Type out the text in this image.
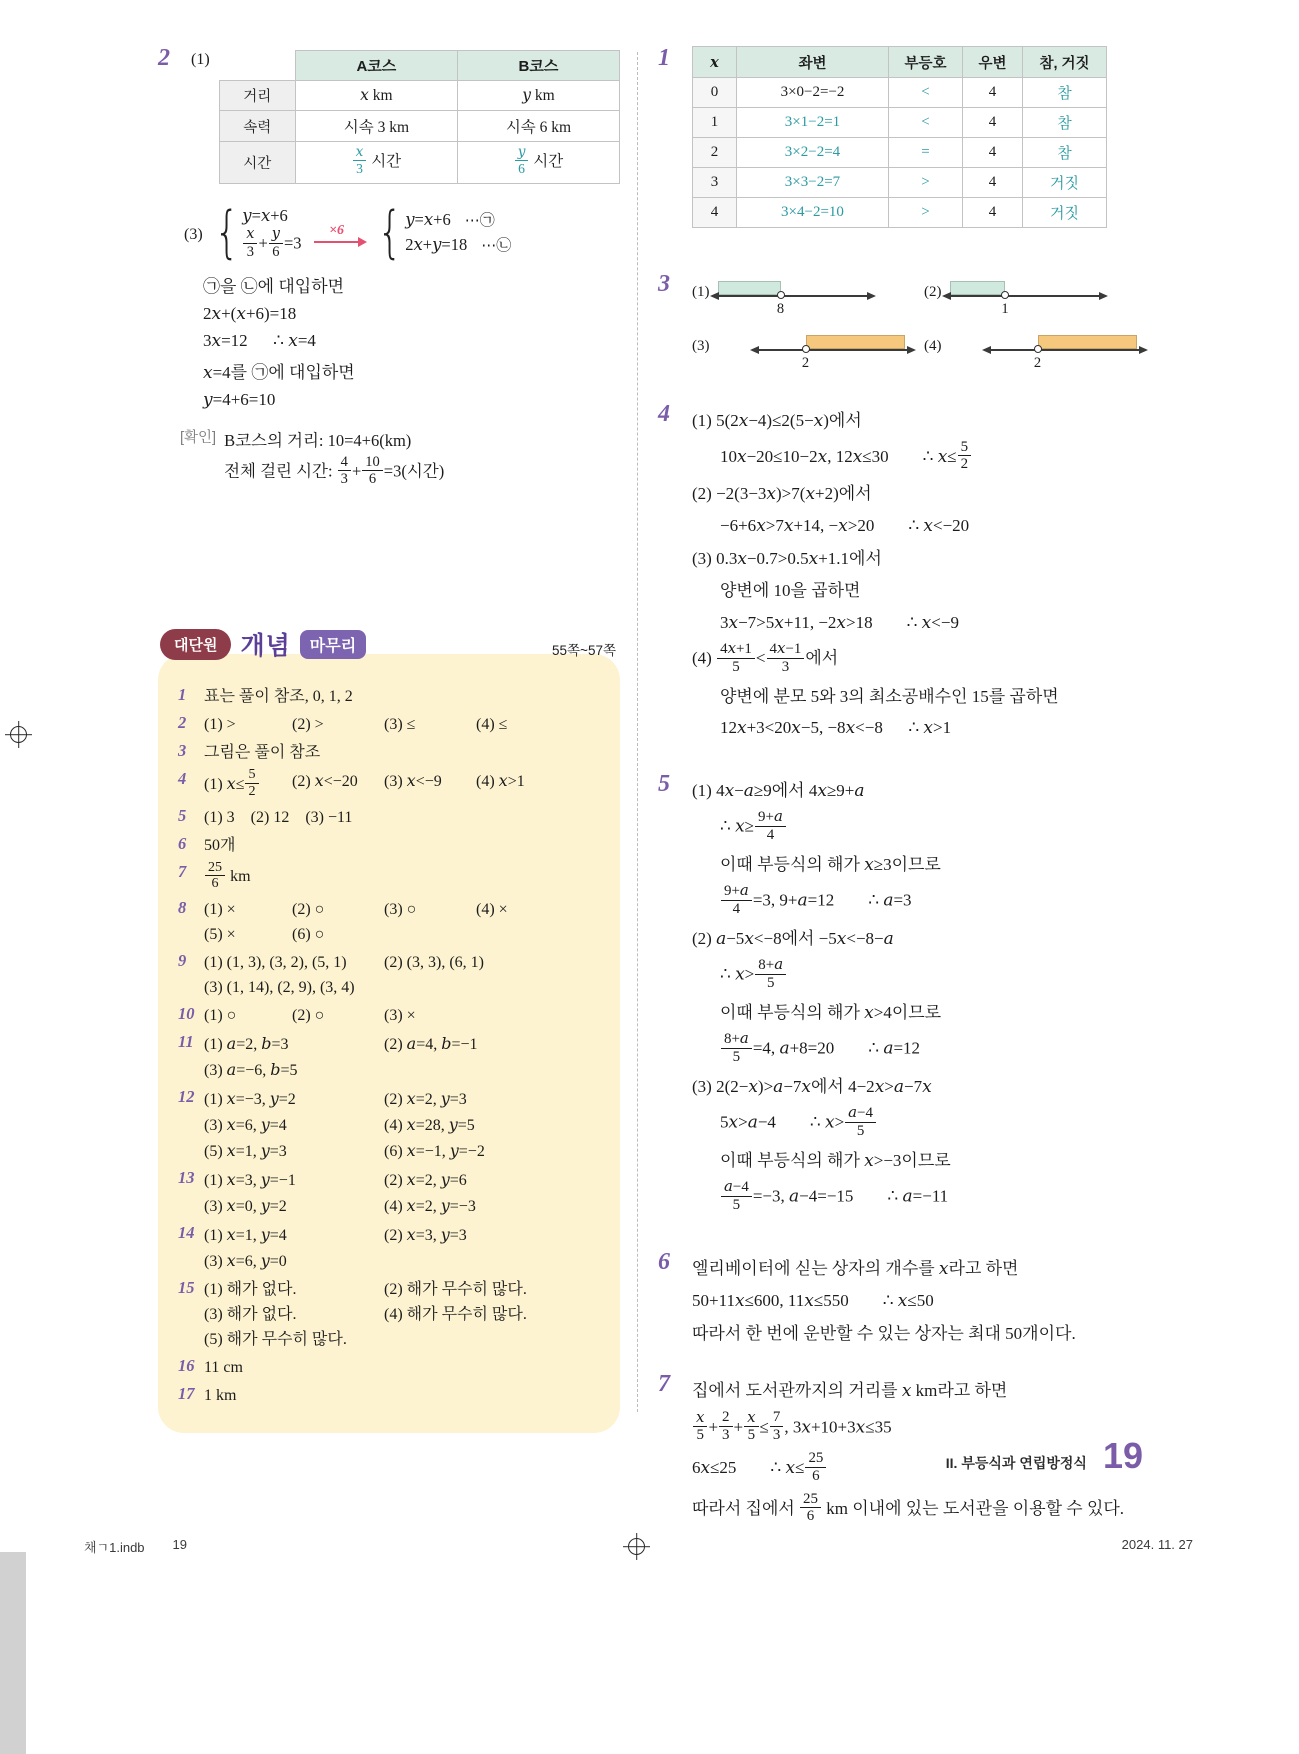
2	(1)
		A코스	B코스
거리	x km	y km
속력	시속 3 km	시속 6 km
시간	$\frac{x}{3}$ 시간	$\frac{y}{6}$ 시간
(3) { y=x+6
$\frac{x}{3} + \frac{y}{6} =3$
×6 { y=x+6 ⋯㉠
2x+y=18 ⋯㉡
㉠을 ㉡에 대입하면
2x+(x+6)=18
3x=12      ∴ x=4
x=4를 ㉠에 대입하면
y=4+6=10
[확인] B코스의 거리: 10=4+6(km)
전체 걸린 시간: $\frac{4}{3} + \frac{10}{6} =3$(시간)
대단원 개념	마무리	55쪽~57쪽
1	표는 풀이 참조, 0, 1, 2
2	(1) >	(2) >	(3) ≤	(4) ≤
3	그림은 풀이 참조
4	(1) $x\le \frac{5}{2} (2)$ x<−20	(3) x<−9	(4) x>1
5	(1) 3    (2) 12    (3) −11
6	50개
7	$\frac{25}{6}$ km
8	(1) ×	(2) ○	(3) ○	(4) ×
(5) ×	(6) ○
9	(1) (1, 3), (3, 2), (5, 1)	(2) (3, 3), (6, 1)
(3) (1, 14), (2, 9), (3, 4)
10 (1) ○	(2) ○	(3) ×
11 (1) a=2, b=3	(2) a=4, b=−1
(3) a=−6, b=5
12 (1) x=−3, y=2	(2) x=2, y=3
(3) x=6, y=4	(4) x=28, y=5
(5) x=1, y=3	(6) x=−1, y=−2
13 (1) x=3, y=−1	(2) x=2, y=6
(3) x=0, y=2	(4) x=2, y=−3
14 (1) x=1, y=4	(2) x=3, y=3
(3) x=6, y=0
15 (1) 해가 없다.	(2) 해가 무수히 많다.
(3) 해가 없다.	(4) 해가 무수히 많다.
(5) 해가 무수히 많다.
16 11 cm
17 1 km
1	x	좌변	부등호	우변	참, 거짓
0	3×0−2=−2	<	4	참
1	3×1−2=1	<	4	참
2	3×2−2=4	=	4	참
3	3×3−2=7	>	4	거짓
4	3×4−2=10	>	4	거짓
3	(1)
8
(2)
1
(3)
2
(4)
2
4	(1) 5(2x−4)≤2(5−x)에서
10x−20≤10−2x, 12x≤30        ∴ $x\le \frac{5}{2}$
(2) −2(3−3x)>7(x+2)에서
−6+6x>7x+14, −x>20        ∴ x<−20
(3) 0.3x−0.7>0.5x+1.1에서
양변에 10을 곱하면
3x−7>5x+11, −2x>18        ∴ x<−9
$(4) \frac{4x+1}{5} < \frac{4x-1}{3}$ 에서
양변에 분모 5와 3의 최소공배수인 15를 곱하면
12x+3<20x−5, −8x<−8      ∴ x>1
5	(1) 4x−a≥9에서 4x≥9+a
∴ $x\ge \frac{9+a}{4}$
이때 부등식의 해가 x≥3이므로
$\frac{9+a}{4} =3$, 9+a=12        ∴ a=3
(2) a−5x<−8에서 −5x<−8−a
∴ $x> \frac{8+a}{5}$
이때 부등식의 해가 x>4이므로
$\frac{8+a}{5} =4$, a+8=20        ∴ a=12
(3) 2(2−x)>a−7x에서 4−2x>a−7x
5x>a−4        ∴ $x> \frac{a-4}{5}$
이때 부등식의 해가 x>−3이므로
$\frac{a-4}{5} =-3$, a−4=−15        ∴ a=−11
6	엘리베이터에 싣는 상자의 개수를 x라고 하면
50+11x≤600, 11x≤550        ∴ x≤50
따라서 한 번에 운반할 수 있는 상자는 최대 50개이다.
7	집에서 도서관까지의 거리를 x km라고 하면
$\frac{x}{5} + \frac{2}{3} + \frac{x}{5} \le \frac{7}{3}$ , 3x+10+3x≤35
6x≤25        ∴ $x\le \frac{25}{6}$
따라서 집에서 $\frac{25}{6}$ km 이내에 있는 도서관을 이용할 수 있다.
II. 부등식과 연립방정식 19
채ㄱ1.indb 19	2024. 11. 27
